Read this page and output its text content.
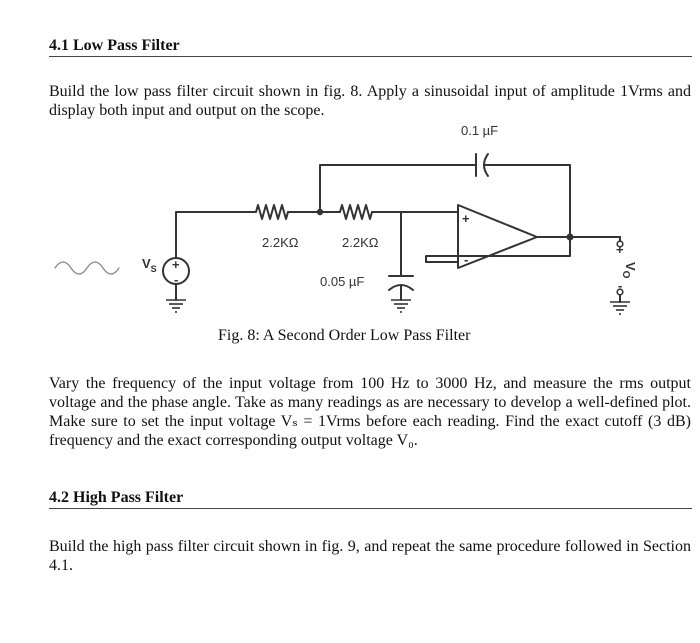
4.1 Low Pass Filter
Build the low pass filter circuit shown in fig. 8. Apply a sinusoidal input of amplitude 1Vrms and display both input and output on the scope.
0.1 µF
2.2KΩ	2.2KΩ
0.05 µF
$V_S$ +
-
+
-
+
-
$V_O$
Fig. 8: A Second Order Low Pass Filter
Vary the frequency of the input voltage from 100 Hz to 3000 Hz, and measure the rms output voltage and the phase angle. Take as many readings as are necessary to develop a well-defined plot. Make sure to set the input voltage Vₛ = 1Vrms before each reading. Find the exact cutoff (3 dB) frequency and the exact corresponding output voltage V₀.
4.2 High Pass Filter
Build the high pass filter circuit shown in fig. 9, and repeat the same procedure followed in Section 4.1.
